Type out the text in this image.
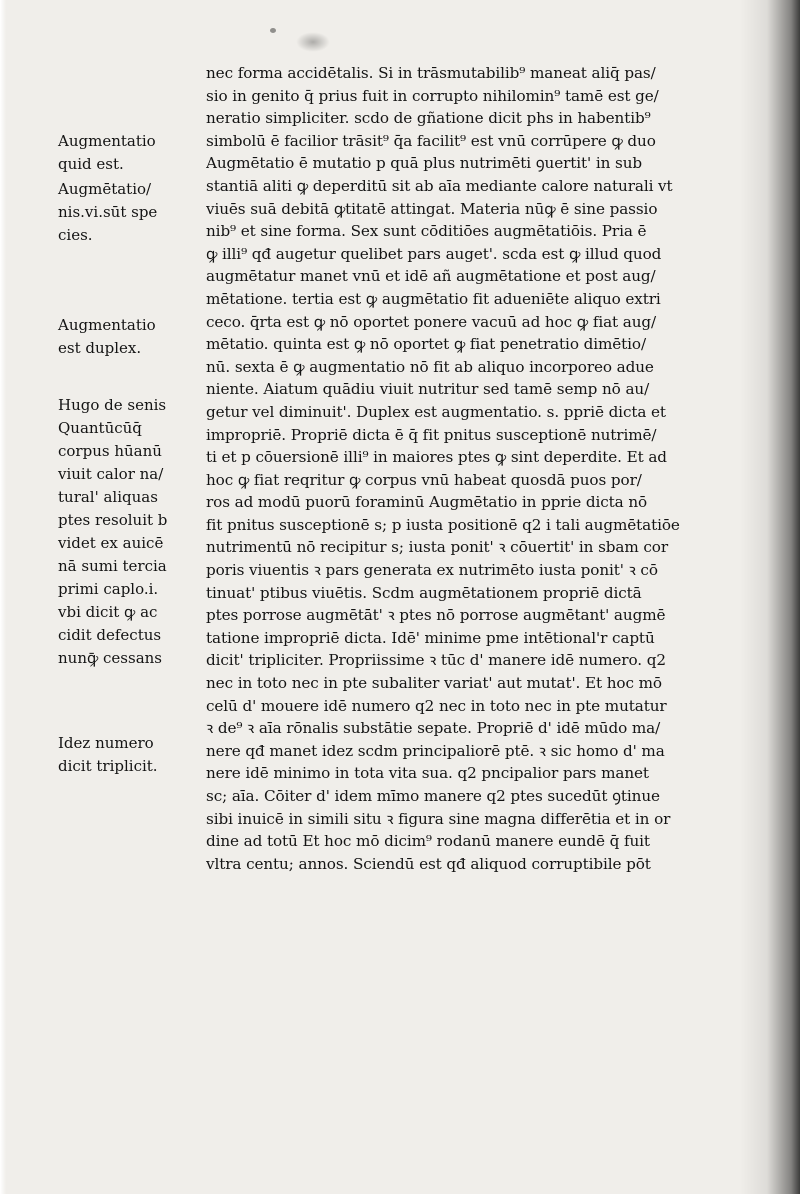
Augmentatio
quid est.
Augmētatio/
nis.vi.sūt spe
cies.
Augmentatio
est duplex.
Hugo de senis
Quantūcūq̄
corpus hūanū
viuit calor na/
tural' aliquas
ptes resoluit b
videt ex auicē
nā sumi tercia
primi caplo.i.
vbi dicit ꝙ ac
cidit defectus
nunꝙ̄ cessans
Idez numero
dicit triplicit.
nec forma accidētalis. Si in trāsmutabilib⁹ maneat aliq̄ pas/
sio in genito q̄ prius fuit in corrupto nihilomin⁹ tamē est ge/
neratio simpliciter. scdo de gñatione dicit phs in habentib⁹
simbolū ē facilior trāsit⁹ q̄a facilit⁹ est vnū corrūpere ꝙ duo
Augmētatio ē mutatio p quā plus nutrimēti ꝯuertit' in sub
stantiā aliti ꝙ deperditū sit ab aīa mediante calore naturali vt
viuēs suā debitā ꝙtitatē attingat. Materia nūꝙ ē sine passio
nib⁹ et sine forma. Sex sunt cōditiōes augmētatiōis. Pria ē
ꝙ illi⁹ qđ augetur quelibet pars auget'. scda est ꝙ illud quod
augmētatur manet vnū et idē añ augmētatione et post aug/
mētatione. tertia est ꝙ augmētatio fit adueniēte aliquo extri
ceco. q̄rta est ꝙ nō oportet ponere vacuū ad hoc ꝙ fiat aug/
mētatio. quinta est ꝙ nō oportet ꝙ fiat penetratio dimētio/
nū. sexta ē ꝙ augmentatio nō fit ab aliquo incorporeo adue
niente. Aiatum quādiu viuit nutritur sed tamē semp nō au/
getur vel diminuit'. Duplex est augmentatio. s. ppriē dicta et
impropriē. Propriē dicta ē q̄ fit pnitus susceptionē nutrimē/
ti et p cōuersionē illi⁹ in maiores ptes ꝙ sint deperdite. Et ad
hoc ꝙ fiat reqritur ꝙ corpus vnū habeat quosdā puos por/
ros ad modū puorū foraminū Augmētatio in pprie dicta nō
fit pnitus susceptionē s; p iusta positionē q2 i tali augmētatiōe
nutrimentū nō recipitur s; iusta ponit' ꝛ cōuertit' in sbam cor
poris viuentis ꝛ pars generata ex nutrimēto iusta ponit' ꝛ cō
tinuat' ptibus viuētis. Scdm augmētationem propriē dictā
ptes porrose augmētāt' ꝛ ptes nō porrose augmētant' augmē
tatione impropriē dicta. Idē' minime pme intētional'r captū
dicit' tripliciter. Propriissime ꝛ tūc d' manere idē numero. q2
nec in toto nec in pte subaliter variat' aut mutat'. Et hoc mō
celū d' mouere idē numero q2 nec in toto nec in pte mutatur
ꝛ de⁹ ꝛ aīa rōnalis substātie sepate. Propriē d' idē mūdo ma/
nere qđ manet idez scdm principaliorē ptē. ꝛ sic homo d' ma
nere idē minimo in tota vita sua. q2 pncipalior pars manet
sc; aīa. Cōiter d' idem mīmo manere q2 ptes sucedūt ꝯtinue
sibi inuicē in simili situ ꝛ figura sine magna differētia et in or
dine ad totū Et hoc mō dicim⁹ rodanū manere eundē q̄ fuit
vltra centu; annos. Sciendū est qđ aliquod corruptibile pōt
